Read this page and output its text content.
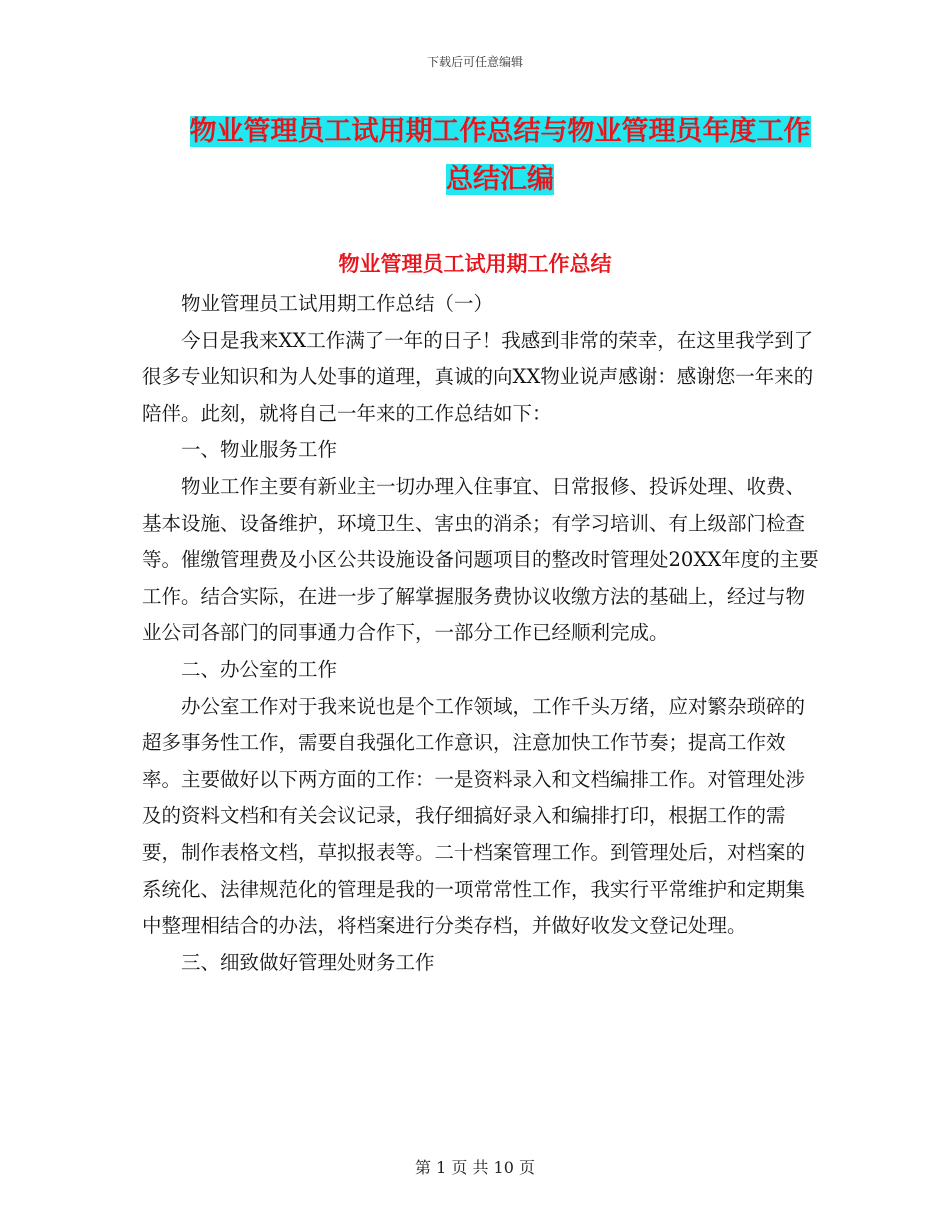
下载后可任意编辑
物业管理员工试用期工作总结与物业管理员年度工作
总结汇编
物业管理员工试用期工作总结

物业管理员工试用期工作总结（一）

今日是我来XX工作满了一年的日子！我感到非常的荣幸，在这里我学到了很多专业知识和为人处事的道理，真诚的向XX物业说声感谢：感谢您一年来的陪伴。此刻，就将自己一年来的工作总结如下：

一、物业服务工作

物业工作主要有新业主一切办理入住事宜、日常报修、投诉处理、收费、基本设施、设备维护，环境卫生、害虫的消杀；有学习培训、有上级部门检查等。催缴管理费及小区公共设施设备问题项目的整改时管理处20XX年度的主要工作。结合实际，在进一步了解掌握服务费协议收缴方法的基础上，经过与物业公司各部门的同事通力合作下，一部分工作已经顺利完成。

二、办公室的工作

办公室工作对于我来说也是个工作领域，工作千头万绪，应对繁杂琐碎的超多事务性工作，需要自我强化工作意识，注意加快工作节奏；提高工作效率。主要做好以下两方面的工作：一是资料录入和文档编排工作。对管理处涉及的资料文档和有关会议记录，我仔细搞好录入和编排打印，根据工作的需要，制作表格文档，草拟报表等。二十档案管理工作。到管理处后，对档案的系统化、法律规范化的管理是我的一项常常性工作，我实行平常维护和定期集中整理相结合的办法，将档案进行分类存档，并做好收发文登记处理。

三、细致做好管理处财务工作

第 1 页 共 10 页
